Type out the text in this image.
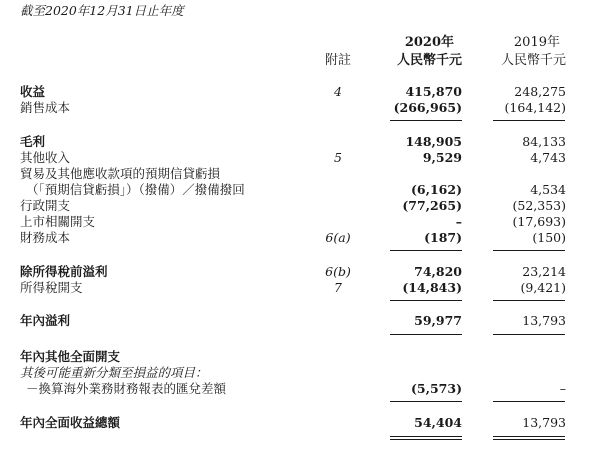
截至2020年12月31日止年度
附註
2020年
人民幣千元
2019年
人民幣千元
收益	4	415,870	248,275
銷售成本	(266,965)	(164,142)
毛利	148,905	84,133
其他收入	5	9,529	4,743
貿易及其他應收款項的預期信貸虧損
（「預期信貸虧損」）（撥備）／撥備撥回	(6,162)	4,534
行政開支	(77,265)	(52,353)
上市相關開支	–	(17,693)
財務成本	6(a)	(187)	(150)
除所得稅前溢利	6(b)	74,820	23,214
所得稅開支	7	(14,843)	(9,421)
年內溢利	59,977	13,793
年內其他全面開支
其後可能重新分類至損益的項目：
－換算海外業務財務報表的匯兌差額	(5,573)	–
年內全面收益總額	54,404	13,793
